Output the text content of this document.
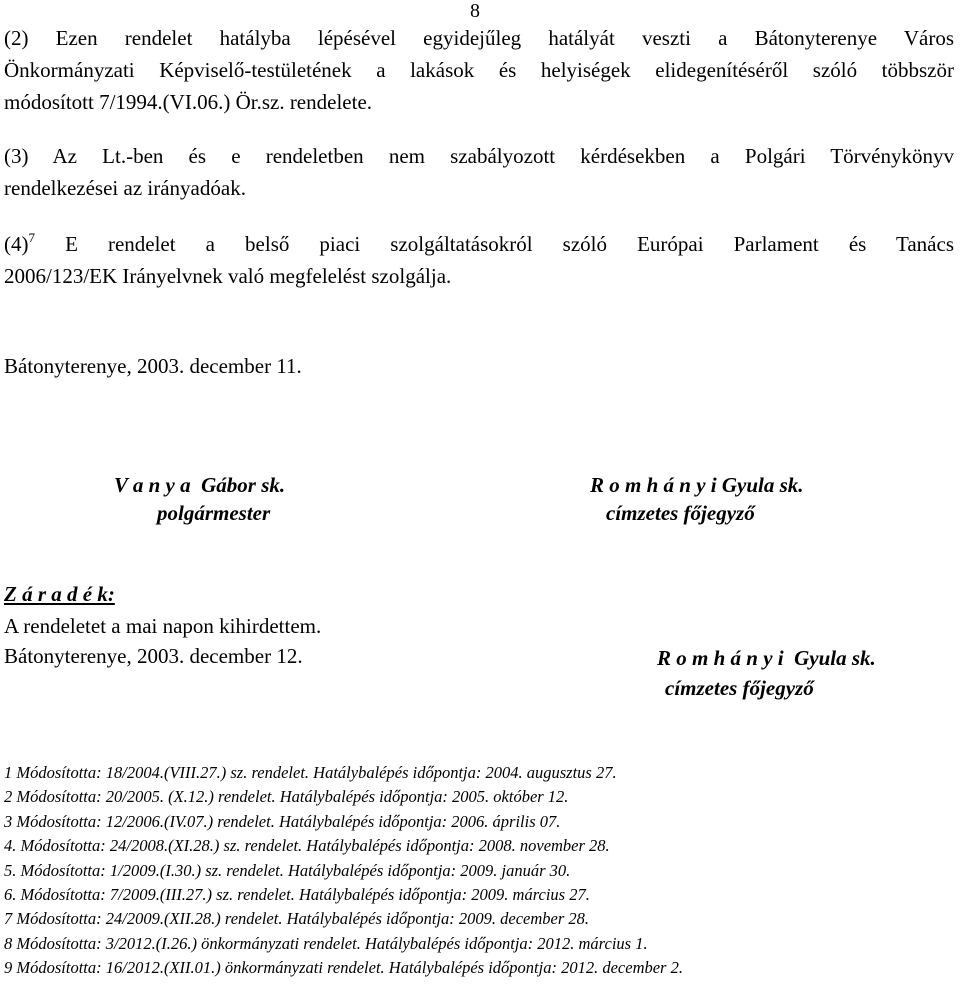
8
(2) Ezen rendelet hatályba lépésével egyidejűleg hatályát veszti a Bátonyterenye Város
Önkormányzati Képviselő-testületének a lakások és helyiségek elidegenítéséről szóló többször
módosított 7/1994.(VI.06.) Ör.sz. rendelete.
(3) Az Lt.-ben és e rendeletben nem szabályozott kérdésekben a Polgári Törvénykönyv
rendelkezései az irányadóak.
$(4)^7$ E rendelet a belső piaci szolgáltatásokról szóló Európai Parlament és Tanács
2006/123/EK Irányelvnek való megfelelést szolgálja.
Bátonyterenye, 2003. december 11.
V a n y a  Gábor sk.
polgármester
R o m h á n y i Gyula sk.
címzetes főjegyző
Z á r a d é k:
A rendeletet a mai napon kihirdettem.
Bátonyterenye, 2003. december 12.	R o m h á n y i  Gyula sk.
címzetes főjegyző
1 Módosította: 18/2004.(VIII.27.) sz. rendelet. Hatálybalépés időpontja: 2004. augusztus 27.
2 Módosította: 20/2005. (X.12.) rendelet. Hatálybalépés időpontja: 2005. október 12.
3 Módosította: 12/2006.(IV.07.) rendelet. Hatálybalépés időpontja: 2006. április 07.
4. Módosította: 24/2008.(XI.28.) sz. rendelet. Hatálybalépés időpontja: 2008. november 28.
5. Módosította: 1/2009.(I.30.) sz. rendelet. Hatálybalépés időpontja: 2009. január 30.
6. Módosította: 7/2009.(III.27.) sz. rendelet. Hatálybalépés időpontja: 2009. március 27.
7 Módosította: 24/2009.(XII.28.) rendelet. Hatálybalépés időpontja: 2009. december 28.
8 Módosította: 3/2012.(I.26.) önkormányzati rendelet. Hatálybalépés időpontja: 2012. március 1.
9 Módosította: 16/2012.(XII.01.) önkormányzati rendelet. Hatálybalépés időpontja: 2012. december 2.
